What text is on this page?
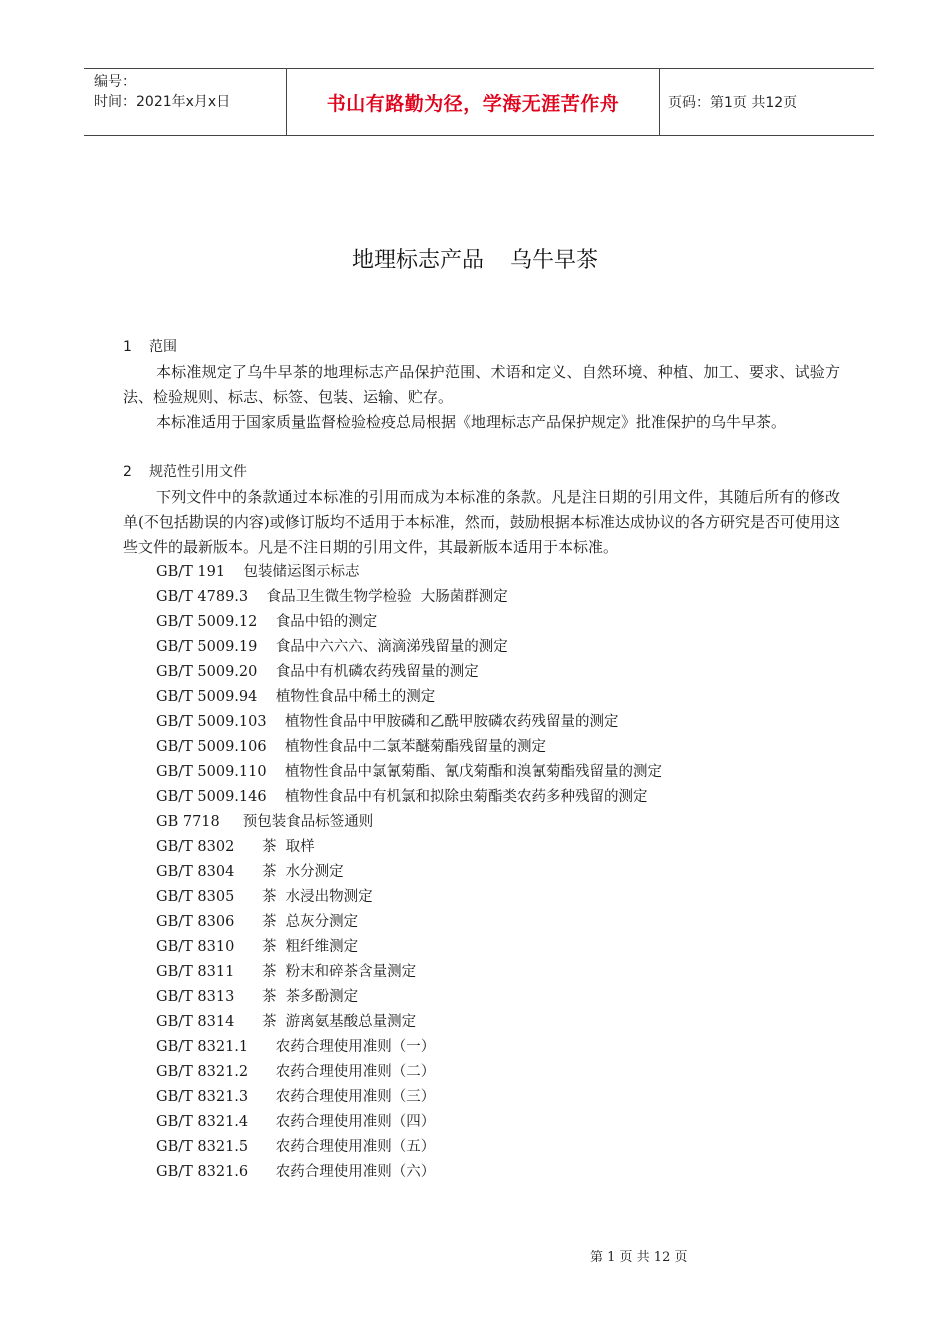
编号：
时间：2021年x月x日	书山有路勤为径，学海无涯苦作舟	页码：第1页 共12页
地理标志产品 乌牛早茶
1 范围
本标准规定了乌牛早茶的地理标志产品保护范围、术语和定义、自然环境、种植、加工、要求、试验方法、检验规则、标志、标签、包装、运输、贮存。
本标准适用于国家质量监督检验检疫总局根据《地理标志产品保护规定》批准保护的乌牛早茶。
2 规范性引用文件
下列文件中的条款通过本标准的引用而成为本标准的条款。凡是注日期的引用文件，其随后所有的修改单(不包括勘误的内容)或修订版均不适用于本标准，然而，鼓励根据本标准达成协议的各方研究是否可使用这些文件的最新版本。凡是不注日期的引用文件，其最新版本适用于本标准。
GB/T 191 包装储运图示标志
GB/T 4789.3 食品卫生微生物学检验  大肠菌群测定
GB/T 5009.12 食品中铅的测定
GB/T 5009.19 食品中六六六、滴滴涕残留量的测定
GB/T 5009.20 食品中有机磷农药残留量的测定
GB/T 5009.94 植物性食品中稀土的测定
GB/T 5009.103 植物性食品中甲胺磷和乙酰甲胺磷农药残留量的测定
GB/T 5009.106 植物性食品中二氯苯醚菊酯残留量的测定
GB/T 5009.110 植物性食品中氯氰菊酯、氰戊菊酯和溴氰菊酯残留量的测定
GB/T 5009.146 植物性食品中有机氯和拟除虫菊酯类农药多种残留的测定
GB 7718 预包装食品标签通则
GB/T 8302 茶  取样
GB/T 8304 茶  水分测定
GB/T 8305 茶  水浸出物测定
GB/T 8306 茶  总灰分测定
GB/T 8310 茶  粗纤维测定
GB/T 8311 茶  粉末和碎茶含量测定
GB/T 8313 茶  茶多酚测定
GB/T 8314 茶  游离氨基酸总量测定
GB/T 8321.1 农药合理使用准则（一）
GB/T 8321.2 农药合理使用准则（二）
GB/T 8321.3 农药合理使用准则（三）
GB/T 8321.4 农药合理使用准则（四）
GB/T 8321.5 农药合理使用准则（五）
GB/T 8321.6 农药合理使用准则（六）
第 1 页 共 12 页
